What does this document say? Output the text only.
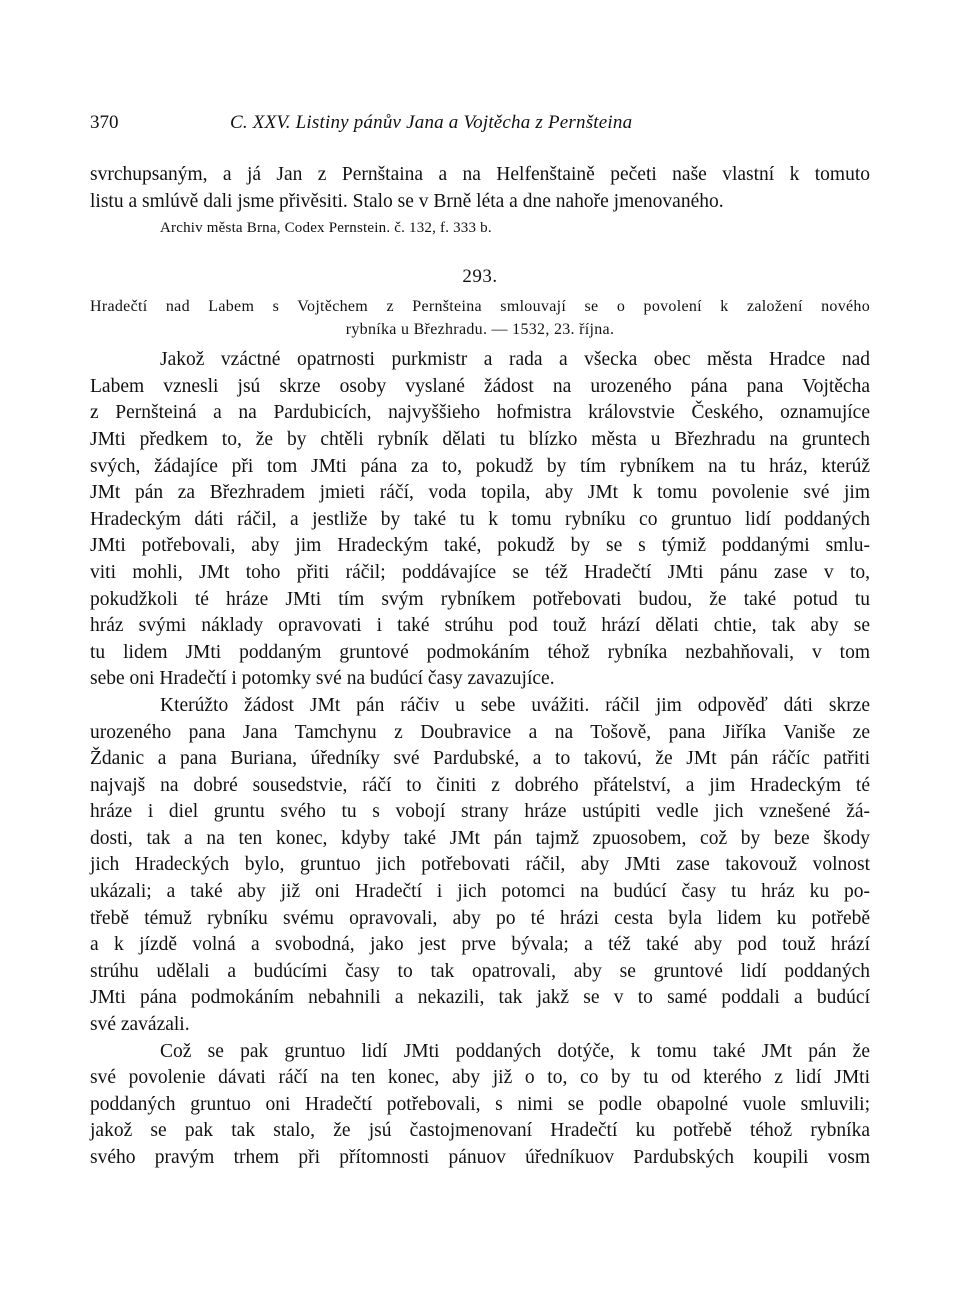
370	C. XXV. Listiny pánův Jana a Vojtěcha z Pernšteina
svrchupsaným, a já Jan z Pernštaina a na Helfenštaině pečeti naše vlastní k tomuto
listu a smlúvě dali jsme přivěsiti. Stalo se v Brně léta a dne nahoře jmenovaného.
Archiv města Brna, Codex Pernstein. č. 132, f. 333 b.
293.
Hradečtí nad Labem s Vojtěchem z Pernšteina smlouvají se o povolení k založení nového
rybníka u Březhradu. — 1532, 23. října.
Jakož vzáctné opatrnosti purkmistr a rada a všecka obec města Hradce nad
Labem vznesli jsú skrze osoby vyslané žádost na urozeného pána pana Vojtěcha
z Pernšteiná a na Pardubicích, najvyššieho hofmistra královstvie Českého, oznamujíce
JMti předkem to, že by chtěli rybník dělati tu blízko města u Březhradu na gruntech
svých, žádajíce při tom JMti pána za to, pokudž by tím rybníkem na tu hráz, kterúž
JMt pán za Březhradem jmieti ráčí, voda topila, aby JMt k tomu povolenie své jim
Hradeckým dáti ráčil, a jestliže by také tu k tomu rybníku co gruntuo lidí poddaných
JMti potřebovali, aby jim Hradeckým také, pokudž by se s týmiž poddanými smlu-
viti mohli, JMt toho přiti ráčil; poddávajíce se též Hradečtí JMti pánu zase v to,
pokudžkoli té hráze JMti tím svým rybníkem potřebovati budou, že také potud tu
hráz svými náklady opravovati i také strúhu pod touž hrází dělati chtie, tak aby se
tu lidem JMti poddaným gruntové podmokáním téhož rybníka nezbahňovali, v tom
sebe oni Hradečtí i potomky své na budúcí časy zavazujíce.
Kterúžto žádost JMt pán ráčiv u sebe uvážiti. ráčil jim odpověď dáti skrze
urozeného pana Jana Tamchynu z Doubravice a na Tošově, pana Jiříka Vaniše ze
Ždanic a pana Buriana, úředníky své Pardubské, a to takovú, že JMt pán ráčíc patřiti
najvajš na dobré sousedstvie, ráčí to činiti z dobrého přátelství, a jim Hradeckým té
hráze i diel gruntu svého tu s vobojí strany hráze ustúpiti vedle jich vznešené žá-
dosti, tak a na ten konec, kdyby také JMt pán tajmž zpuosobem, což by beze škody
jich Hradeckých bylo, gruntuo jich potřebovati ráčil, aby JMti zase takovouž volnost
ukázali; a také aby již oni Hradečtí i jich potomci na budúcí časy tu hráz ku po-
třebě témuž rybníku svému opravovali, aby po té hrázi cesta byla lidem ku potřebě
a k jízdě volná a svobodná, jako jest prve bývala; a též také aby pod touž hrází
strúhu udělali a budúcími časy to tak opatrovali, aby se gruntové lidí poddaných
JMti pána podmokáním nebahnili a nekazili, tak jakž se v to samé poddali a budúcí
své zavázali.
Což se pak gruntuo lidí JMti poddaných dotýče, k tomu také JMt pán že
své povolenie dávati ráčí na ten konec, aby již o to, co by tu od kterého z lidí JMti
poddaných gruntuo oni Hradečtí potřebovali, s nimi se podle obapolné vuole smluvili;
jakož se pak tak stalo, že jsú častojmenovaní Hradečtí ku potřebě téhož rybníka
svého pravým trhem při přítomnosti pánuov úředníkuov Pardubských koupili vosm
